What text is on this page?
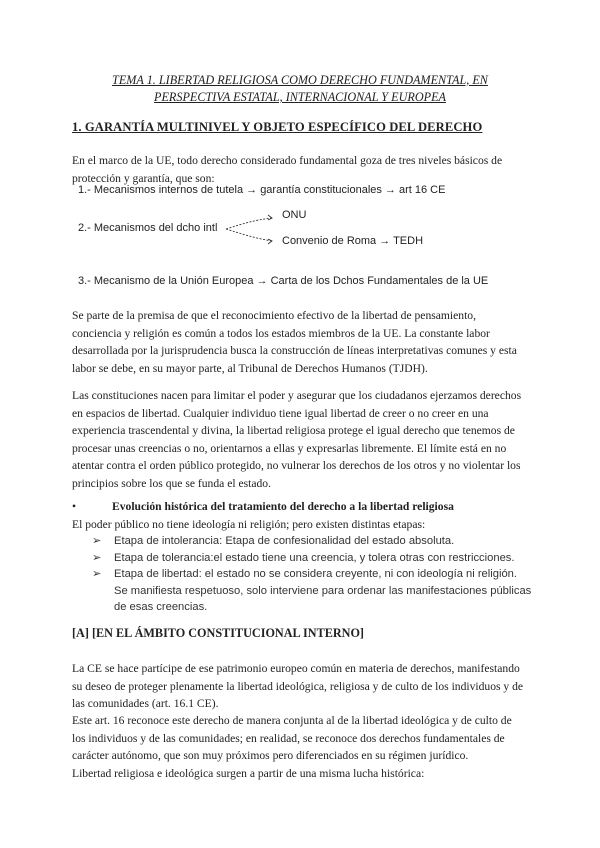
TEMA 1. LIBERTAD RELIGIOSA COMO DERECHO FUNDAMENTAL, EN
PERSPECTIVA ESTATAL, INTERNACIONAL Y EUROPEA
1. GARANTÍA MULTINIVEL Y OBJETO ESPECÍFICO DEL DERECHO
En el marco de la UE, todo derecho considerado fundamental goza de tres niveles básicos de protección y garantía, que son:
1.- Mecanismos internos de tutela → garantía constitucionales → art 16 CE
2.- Mecanismos del dcho intl
ONU
Convenio de Roma → TEDH
3.- Mecanismo de la Unión Europea → Carta de los Dchos Fundamentales de la UE
Se parte de la premisa de que el reconocimiento efectivo de la libertad de pensamiento, conciencia y religión es común a todos los estados miembros de la UE. La constante labor desarrollada por la jurisprudencia busca la construcción de líneas interpretativas comunes y esta labor se debe, en su mayor parte, al Tribunal de Derechos Humanos (TJDH).
Las constituciones nacen para limitar el poder y asegurar que los ciudadanos ejerzamos derechos en espacios de libertad. Cualquier individuo tiene igual libertad de creer o no creer en una experiencia trascendental y divina, la libertad religiosa protege el igual derecho que tenemos de procesar unas creencias o no, orientarnos a ellas y expresarlas libremente. El límite está en no atentar contra el orden público protegido, no vulnerar los derechos de los otros y no violentar los principios sobre los que se funda el estado.
•	Evolución histórica del tratamiento del derecho a la libertad religiosa
El poder público no tiene ideología ni religión; pero existen distintas etapas:
➢ Etapa de intolerancia: Etapa de confesionalidad del estado absoluta.
➢ Etapa de tolerancia:el estado tiene una creencia, y tolera otras con restricciones.
➢ Etapa de libertad: el estado no se considera creyente, ni con ideología ni religión. Se manifiesta respetuoso, solo interviene para ordenar las manifestaciones públicas de esas creencias.
[A] [EN EL ÁMBITO CONSTITUCIONAL INTERNO]
La CE se hace partícipe de ese patrimonio europeo común en materia de derechos, manifestando su deseo de proteger plenamente la libertad ideológica, religiosa y de culto de los individuos y de las comunidades (art. 16.1 CE).
Este art. 16 reconoce este derecho de manera conjunta al de la libertad ideológica y de culto de los individuos y de las comunidades; en realidad, se reconoce dos derechos fundamentales de carácter autónomo, que son muy próximos pero diferenciados en su régimen jurídico.
Libertad religiosa e ideológica surgen a partir de una misma lucha histórica:
